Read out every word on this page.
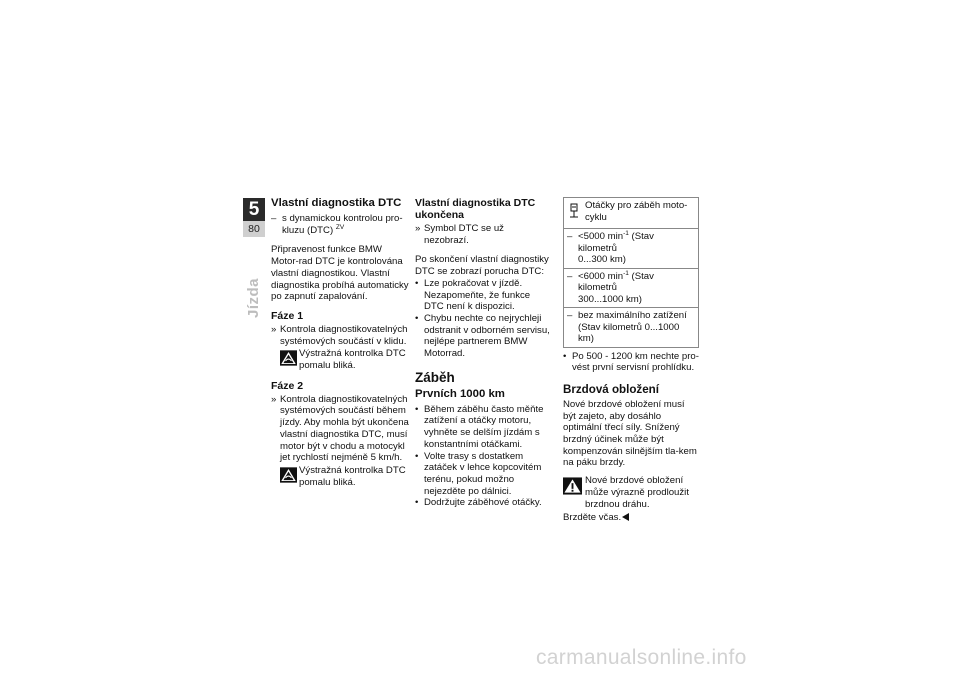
5
80
Jízda
Vlastní diagnostika DTC
– s dynamickou kontrolou pro-kluzu (DTC) $^{ZV}$

Připravenost funkce BMW Motor-rad DTC je kontrolována vlastní diagnostikou. Vlastní diagnostika probíhá automaticky po zapnutí zapalování.

Fáze 1
» Kontrola diagnostikovatelných systémových součástí v klidu.
Výstražná kontrolka DTC pomalu bliká.
Fáze 2
» Kontrola diagnostikovatelných systémových součástí během jízdy. Aby mohla být ukončena vlastní diagnostika DTC, musí motor být v chodu a motocykl jet rychlostí nejméně 5 km/h.
Výstražná kontrolka DTC pomalu bliká.
Vlastní diagnostika DTC ukončena
» Symbol DTC se už nezobrazí.

Po skončení vlastní diagnostiky DTC se zobrazí porucha DTC:

• Lze pokračovat v jízdě. Nezapomeňte, že funkce DTC není k dispozici.
• Chybu nechte co nejrychleji odstranit v odborném servisu, nejlépe partnerem BMW Motorrad.
Záběh
Prvních 1000 km
• Během záběhu často měňte zatížení a otáčky motoru, vyhněte se delším jízdám s konstantními otáčkami.
• Volte trasy s dostatkem zatáček v lehce kopcovitém terénu, pokud možno nejezděte po dálnici.
• Dodržujte záběhové otáčky.
Otáčky pro záběh moto-cyklu

– <5000 $\min^{-1}$ (Stav kilometrů
0...300 km)

– <6000 $\min^{-1}$ (Stav kilometrů
300...1000 km)

– bez maximálního zatížení
(Stav kilometrů 0...1000 km)
• Po 500 - 1200 km nechte pro-vést první servisní prohlídku.
Brzdová obložení

Nové brzdové obložení musí být zajeto, aby dosáhlo optimální třecí síly. Snížený brzdný účinek může být kompenzován silnějším tla-kem na páku brzdy.

Nové brzdové obložení může výrazně prodloužit brzdnou dráhu.
Brzděte včas.
carmanualsonline.info
